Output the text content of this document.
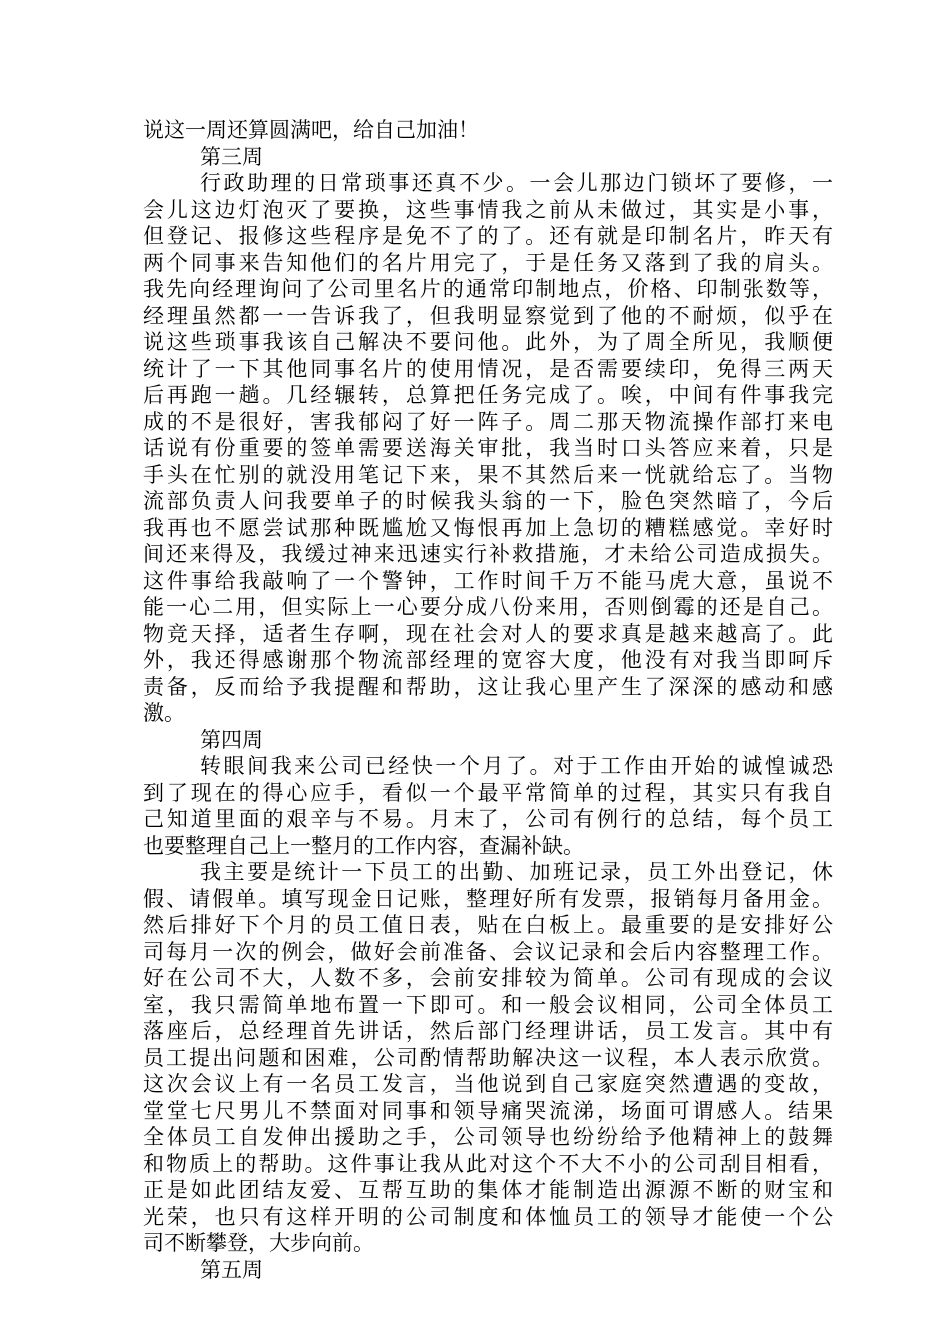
说这一周还算圆满吧，给自己加油！
第三周
行政助理的日常琐事还真不少。一会儿那边门锁坏了要修，一
会儿这边灯泡灭了要换，这些事情我之前从未做过，其实是小事，
但登记、报修这些程序是免不了的了。还有就是印制名片，昨天有
两个同事来告知他们的名片用完了，于是任务又落到了我的肩头。
我先向经理询问了公司里名片的通常印制地点，价格、印制张数等，
经理虽然都一一告诉我了，但我明显察觉到了他的不耐烦，似乎在
说这些琐事我该自己解决不要问他。此外，为了周全所见，我顺便
统计了一下其他同事名片的使用情况，是否需要续印，免得三两天
后再跑一趟。几经辗转，总算把任务完成了。唉，中间有件事我完
成的不是很好，害我郁闷了好一阵子。周二那天物流操作部打来电
话说有份重要的签单需要送海关审批，我当时口头答应来着，只是
手头在忙别的就没用笔记下来，果不其然后来一恍就给忘了。当物
流部负责人问我要单子的时候我头翁的一下，脸色突然暗了，今后
我再也不愿尝试那种既尴尬又悔恨再加上急切的糟糕感觉。幸好时
间还来得及，我缓过神来迅速实行补救措施，才未给公司造成损失。
这件事给我敲响了一个警钟，工作时间千万不能马虎大意，虽说不
能一心二用，但实际上一心要分成八份来用，否则倒霉的还是自己。
物竞天择，适者生存啊，现在社会对人的要求真是越来越高了。此
外，我还得感谢那个物流部经理的宽容大度，他没有对我当即呵斥
责备，反而给予我提醒和帮助，这让我心里产生了深深的感动和感
激。
第四周
转眼间我来公司已经快一个月了。对于工作由开始的诚惶诚恐
到了现在的得心应手，看似一个最平常简单的过程，其实只有我自
己知道里面的艰辛与不易。月末了，公司有例行的总结，每个员工
也要整理自己上一整月的工作内容，查漏补缺。
我主要是统计一下员工的出勤、加班记录，员工外出登记，休
假、请假单。填写现金日记账，整理好所有发票，报销每月备用金。
然后排好下个月的员工值日表，贴在白板上。最重要的是安排好公
司每月一次的例会，做好会前准备、会议记录和会后内容整理工作。
好在公司不大，人数不多，会前安排较为简单。公司有现成的会议
室，我只需简单地布置一下即可。和一般会议相同，公司全体员工
落座后，总经理首先讲话，然后部门经理讲话，员工发言。其中有
员工提出问题和困难，公司酌情帮助解决这一议程，本人表示欣赏。
这次会议上有一名员工发言，当他说到自己家庭突然遭遇的变故，
堂堂七尺男儿不禁面对同事和领导痛哭流涕，场面可谓感人。结果
全体员工自发伸出援助之手，公司领导也纷纷给予他精神上的鼓舞
和物质上的帮助。这件事让我从此对这个不大不小的公司刮目相看，
正是如此团结友爱、互帮互助的集体才能制造出源源不断的财宝和
光荣，也只有这样开明的公司制度和体恤员工的领导才能使一个公
司不断攀登，大步向前。
第五周
